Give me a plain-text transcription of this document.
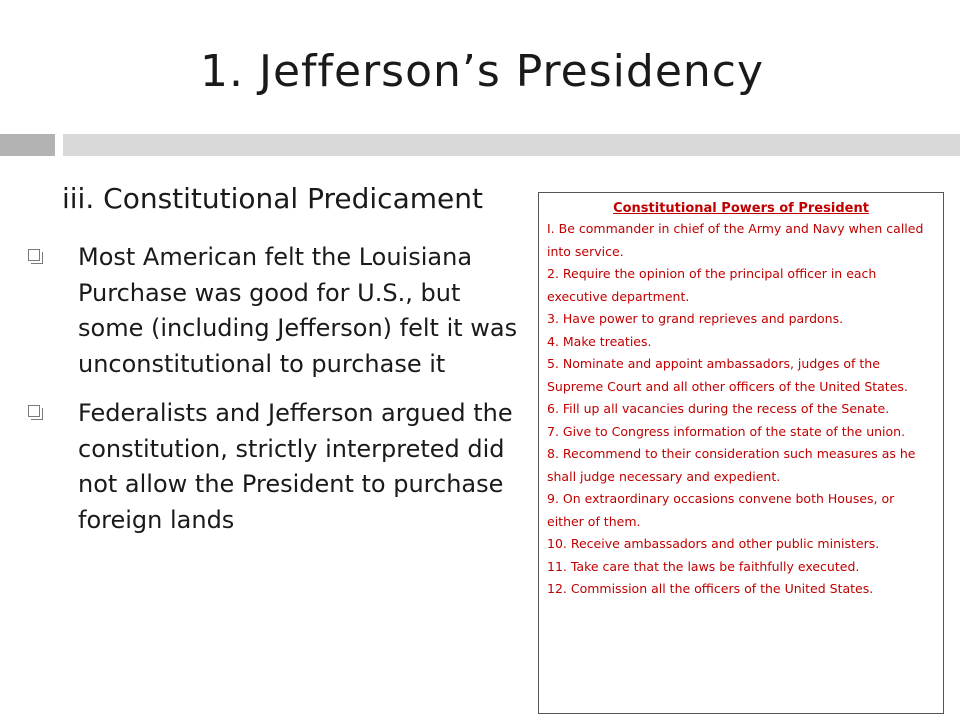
1. Jefferson’s Presidency
iii. Constitutional Predicament
Most American felt the Louisiana Purchase was good for U.S., but some (including Jefferson) felt it was unconstitutional to purchase it
Federalists and Jefferson argued the constitution, strictly interpreted did not allow the President to purchase foreign lands
Constitutional Powers of President
I. Be commander in chief of the Army and Navy when called into service.
2. Require the opinion of the principal officer in each executive department.
3. Have power to grand reprieves and pardons.
4. Make treaties.
5. Nominate and appoint ambassadors, judges of the Supreme Court and all other officers of the United States.
6. Fill up all vacancies during the recess of the Senate.
7. Give to Congress information of the state of the union.
8. Recommend to their consideration such measures as he shall judge necessary and expedient.
9. On extraordinary occasions convene both Houses, or either of them.
10. Receive ambassadors and other public ministers.
11. Take care that the laws be faithfully executed.
12. Commission all the officers of the United States.
